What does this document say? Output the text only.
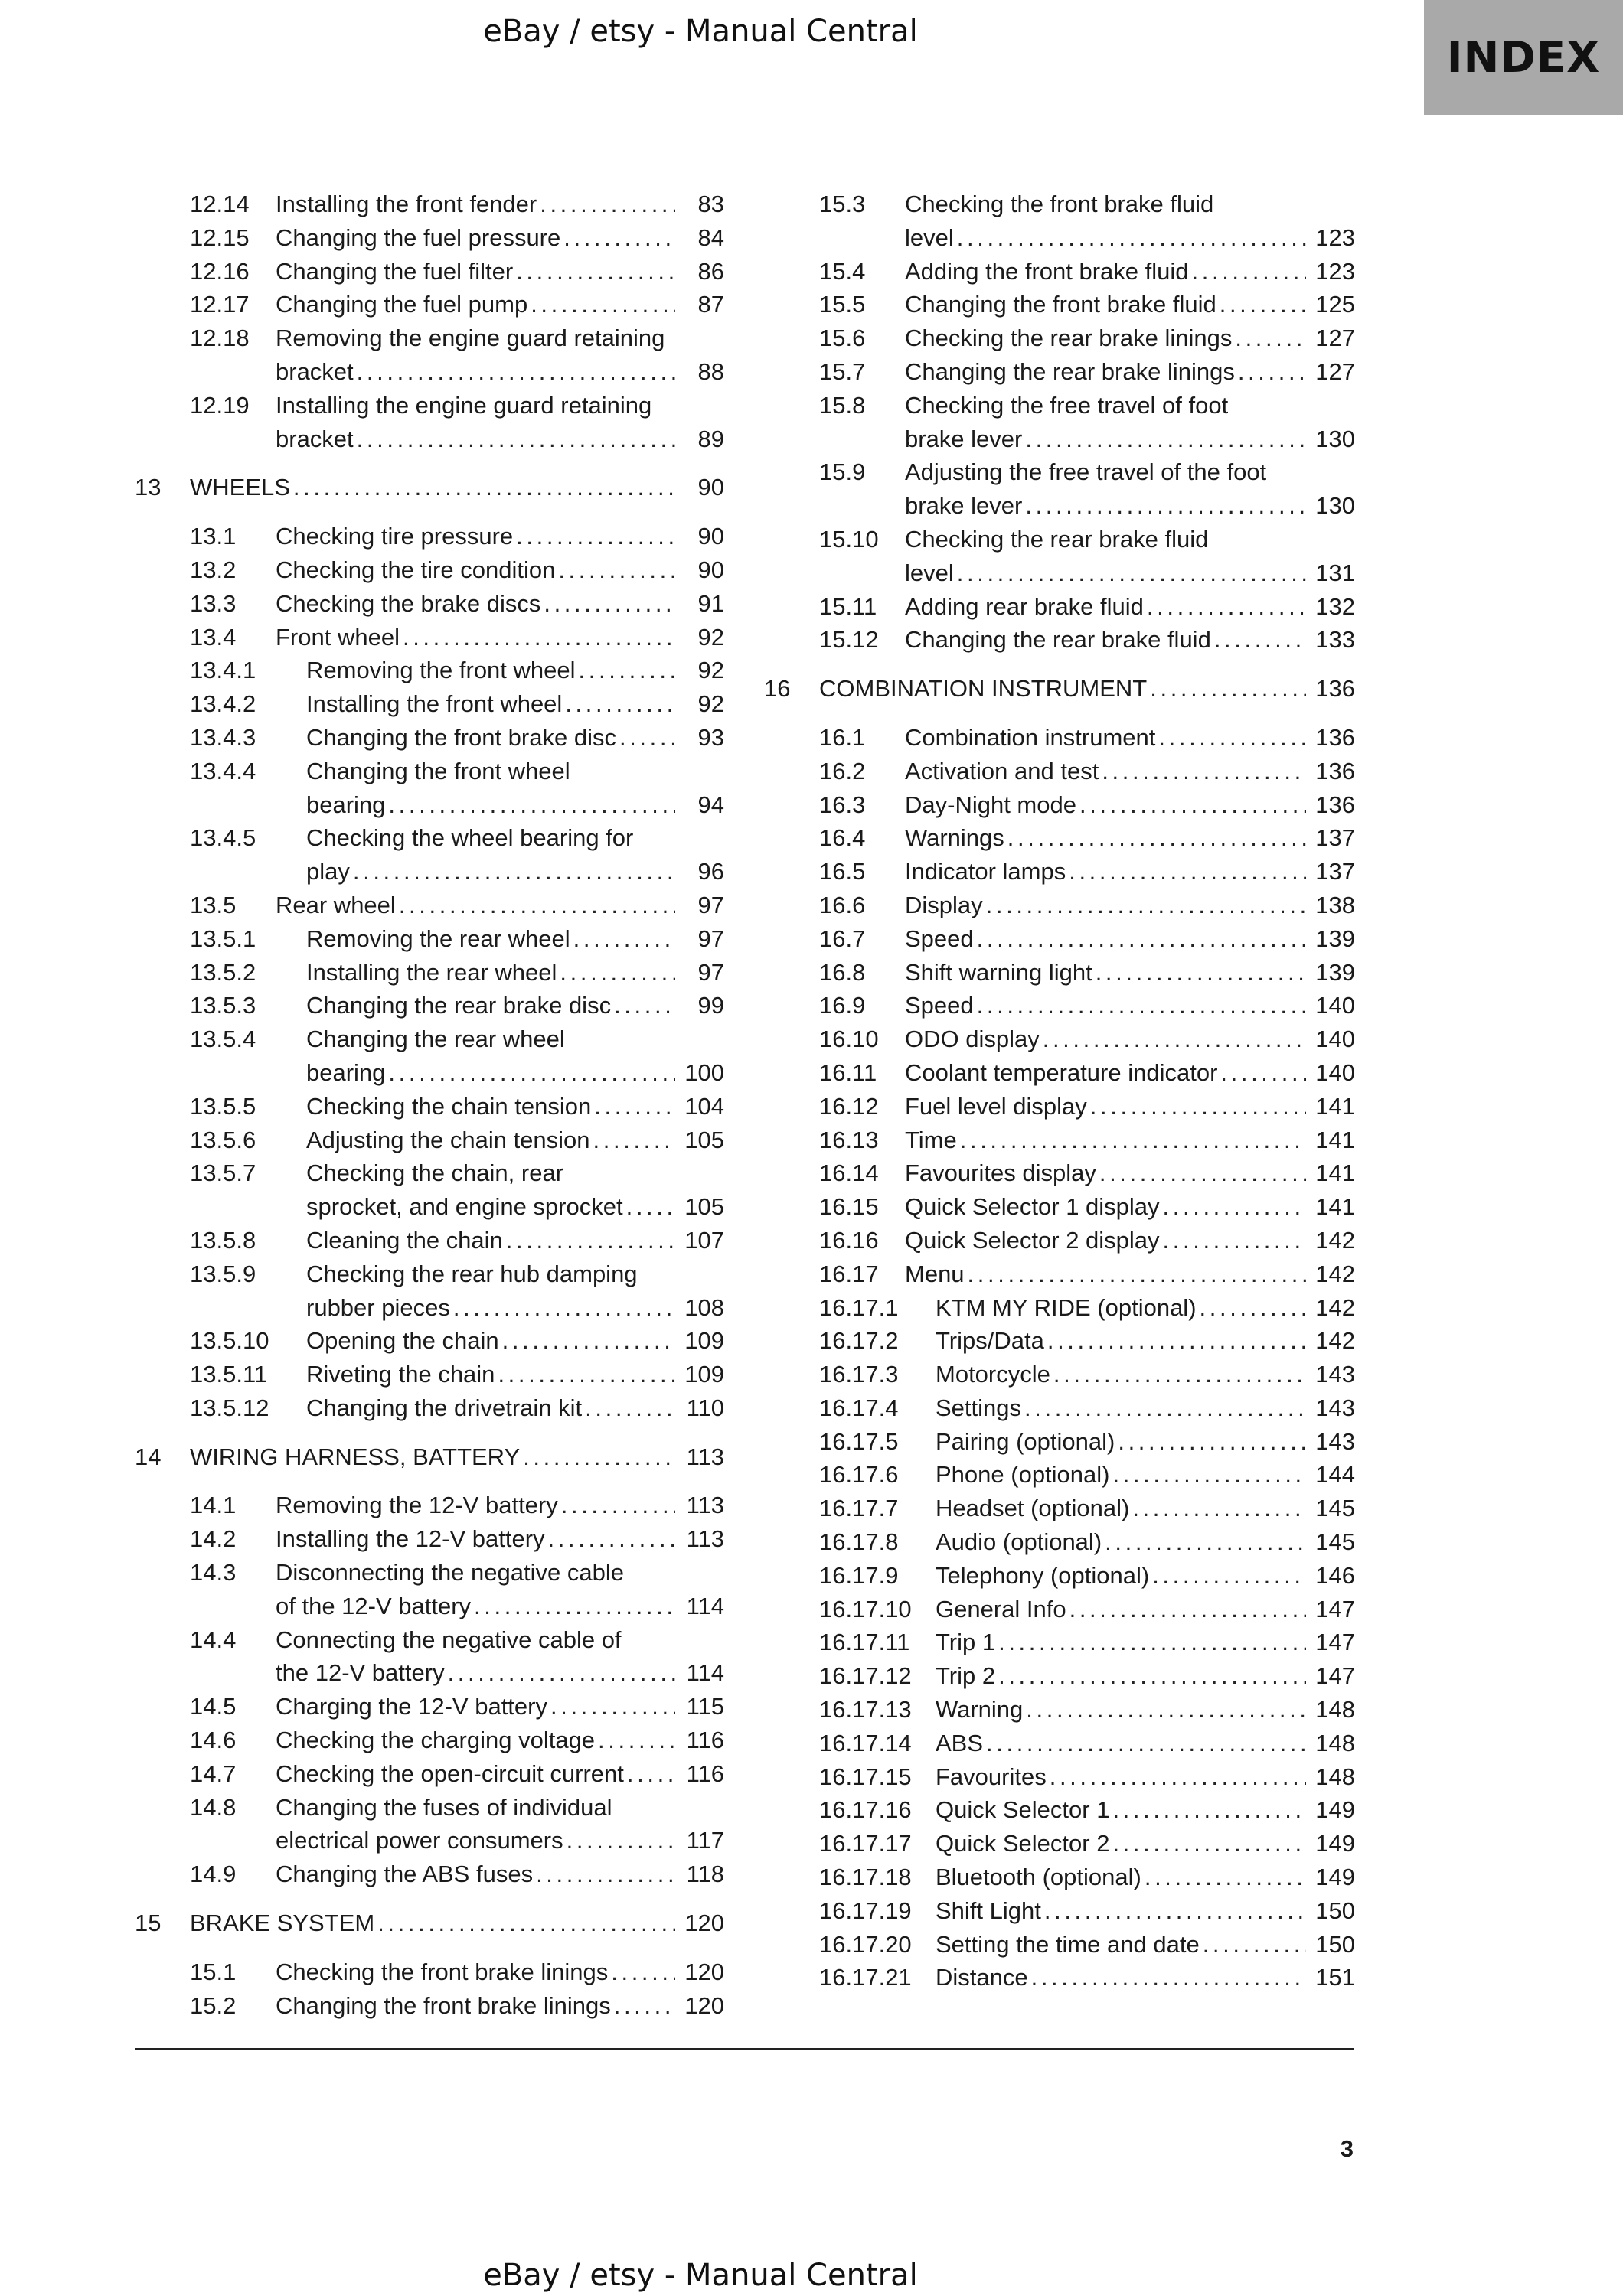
eBay / etsy - Manual Central
INDEX
12.14 Installing the front fender . . .	83
12.15 Changing the fuel pressure . . .	84
12.16 Changing the fuel filter . . .	86
12.17 Changing the fuel pump . . .	87
12.18 Removing the engine guard retaining
bracket . . .	88
12.19 Installing the engine guard retaining
bracket . . .	89
13 WHEELS . . .	90
13.1 Checking tire pressure . . .	90
13.2 Checking the tire condition . . .	90
13.3 Checking the brake discs . . .	91
13.4 Front wheel . . .	92
13.4.1 Removing the front wheel . . .	92
13.4.2 Installing the front wheel . . .	92
13.4.3 Changing the front brake disc . . .	93
13.4.4 Changing the front wheel
bearing . . .	94
13.4.5 Checking the wheel bearing for
play . . .	96
13.5 Rear wheel . . .	97
13.5.1 Removing the rear wheel . . .	97
13.5.2 Installing the rear wheel . . .	97
13.5.3 Changing the rear brake disc . . .	99
13.5.4 Changing the rear wheel
bearing . . .	100
13.5.5 Checking the chain tension . . .	104
13.5.6 Adjusting the chain tension . . .	105
13.5.7 Checking the chain, rear
sprocket, and engine sprocket . . .	105
13.5.8 Cleaning the chain . . .	107
13.5.9 Checking the rear hub damping
rubber pieces . . .	108
13.5.10 Opening the chain . . .	109
13.5.11 Riveting the chain . . .	109
13.5.12 Changing the drivetrain kit . . .	110
14 WIRING HARNESS, BATTERY . . .	113
14.1 Removing the 12-V battery . . .	113
14.2 Installing the 12-V battery . . .	113
14.3 Disconnecting the negative cable
of the 12-V battery . . .	114
14.4 Connecting the negative cable of
the 12-V battery . . .	114
14.5 Charging the 12-V battery . . .	115
14.6 Checking the charging voltage . . .	116
14.7 Checking the open-circuit current . . .	116
14.8 Changing the fuses of individual
electrical power consumers . . .	117
14.9 Changing the ABS fuses . . .	118
15 BRAKE SYSTEM . . .	120
15.1 Checking the front brake linings . . .	120
15.2 Changing the front brake linings . . .	120
15.3 Checking the front brake fluid
level . . .	123
15.4 Adding the front brake fluid . . .	123
15.5 Changing the front brake fluid . . .	125
15.6 Checking the rear brake linings . . .	127
15.7 Changing the rear brake linings . . .	127
15.8 Checking the free travel of foot
brake lever . . .	130
15.9 Adjusting the free travel of the foot
brake lever . . .	130
15.10 Checking the rear brake fluid
level . . .	131
15.11 Adding rear brake fluid . . .	132
15.12 Changing the rear brake fluid . . .	133
16 COMBINATION INSTRUMENT . . .	136
16.1 Combination instrument . . .	136
16.2 Activation and test . . .	136
16.3 Day-Night mode . . .	136
16.4 Warnings . . .	137
16.5 Indicator lamps . . .	137
16.6 Display . . .	138
16.7 Speed . . .	139
16.8 Shift warning light . . .	139
16.9 Speed . . .	140
16.10 ODO display . . .	140
16.11 Coolant temperature indicator . . .	140
16.12 Fuel level display . . .	141
16.13 Time . . .	141
16.14 Favourites display . . .	141
16.15 Quick Selector 1 display . . .	141
16.16 Quick Selector 2 display . . .	142
16.17 Menu . . .	142
16.17.1 KTM MY RIDE (optional) . . .	142
16.17.2 Trips/Data . . .	142
16.17.3 Motorcycle . . .	143
16.17.4 Settings . . .	143
16.17.5 Pairing (optional) . . .	143
16.17.6 Phone (optional) . . .	144
16.17.7 Headset (optional) . . .	145
16.17.8 Audio (optional) . . .	145
16.17.9 Telephony (optional) . . .	146
16.17.10 General Info . . .	147
16.17.11 Trip 1 . . .	147
16.17.12 Trip 2 . . .	147
16.17.13 Warning . . .	148
16.17.14 ABS . . .	148
16.17.15 Favourites . . .	148
16.17.16 Quick Selector 1 . . .	149
16.17.17 Quick Selector 2 . . .	149
16.17.18 Bluetooth (optional) . . .	149
16.17.19 Shift Light . . .	150
16.17.20 Setting the time and date . . .	150
16.17.21 Distance . . .	151
3
eBay / etsy - Manual Central
